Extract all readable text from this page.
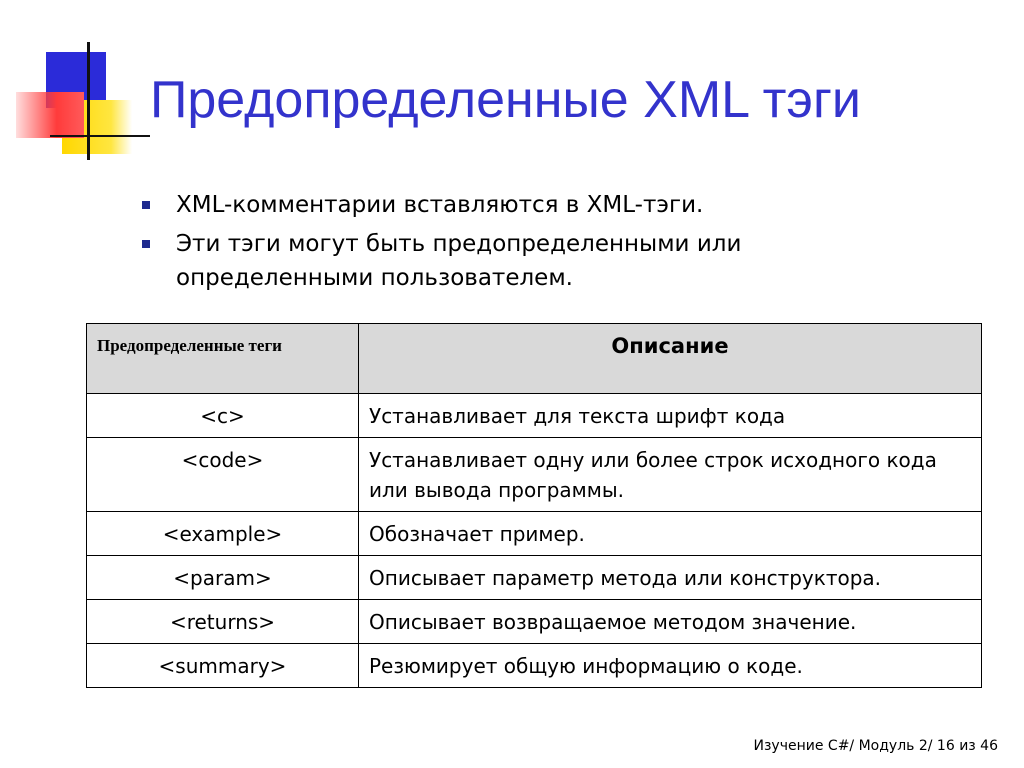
Предопределенные XML тэги
XML-комментарии вставляются в XML-тэги.
Эти тэги могут быть предопределенными или определенными пользователем.
Предопределенные теги	Описание
<c>	Устанавливает для текста шрифт кода
<code>	Устанавливает одну или более строк исходного кода или вывода программы.
<example>	Обозначает пример.
<param>	Описывает параметр метода или конструктора.
<returns>	Описывает возвращаемое методом значение.
<summary>	Резюмирует общую информацию о коде.
Изучение C#/ Модуль 2/ 16 из 46
